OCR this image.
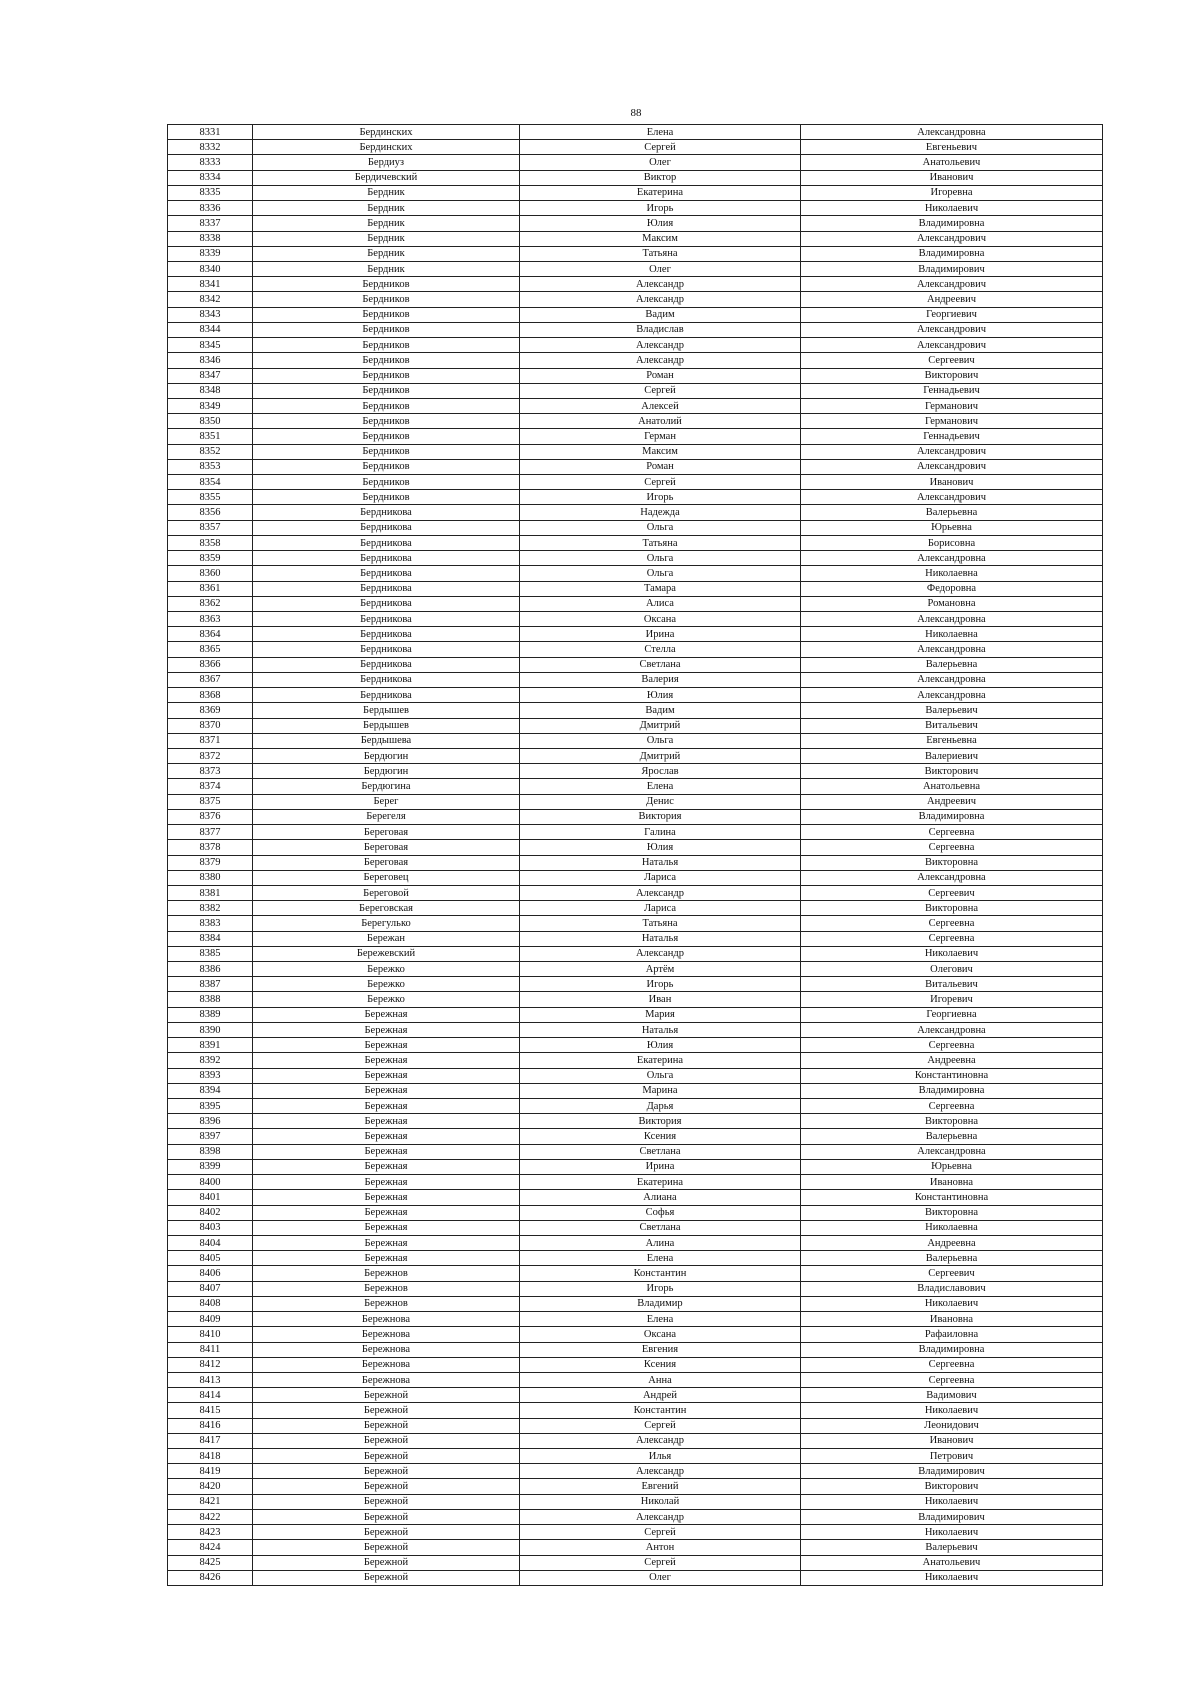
88
8331	Бердинских	Елена	Александровна
8332	Бердинских	Сергей	Евгеньевич
8333	Бердиуз	Олег	Анатольевич
8334	Бердичевский	Виктор	Иванович
8335	Бердник	Екатерина	Игоревна
8336	Бердник	Игорь	Николаевич
8337	Бердник	Юлия	Владимировна
8338	Бердник	Максим	Александрович
8339	Бердник	Татьяна	Владимировна
8340	Бердник	Олег	Владимирович
8341	Бердников	Александр	Александрович
8342	Бердников	Александр	Андреевич
8343	Бердников	Вадим	Георгиевич
8344	Бердников	Владислав	Александрович
8345	Бердников	Александр	Александрович
8346	Бердников	Александр	Сергеевич
8347	Бердников	Роман	Викторович
8348	Бердников	Сергей	Геннадьевич
8349	Бердников	Алексей	Германович
8350	Бердников	Анатолий	Германович
8351	Бердников	Герман	Геннадьевич
8352	Бердников	Максим	Александрович
8353	Бердников	Роман	Александрович
8354	Бердников	Сергей	Иванович
8355	Бердников	Игорь	Александрович
8356	Бердникова	Надежда	Валерьевна
8357	Бердникова	Ольга	Юрьевна
8358	Бердникова	Татьяна	Борисовна
8359	Бердникова	Ольга	Александровна
8360	Бердникова	Ольга	Николаевна
8361	Бердникова	Тамара	Федоровна
8362	Бердникова	Алиса	Романовна
8363	Бердникова	Оксана	Александровна
8364	Бердникова	Ирина	Николаевна
8365	Бердникова	Стелла	Александровна
8366	Бердникова	Светлана	Валерьевна
8367	Бердникова	Валерия	Александровна
8368	Бердникова	Юлия	Александровна
8369	Бердышев	Вадим	Валерьевич
8370	Бердышев	Дмитрий	Витальевич
8371	Бердышева	Ольга	Евгеньевна
8372	Бердюгин	Дмитрий	Валериевич
8373	Бердюгин	Ярослав	Викторович
8374	Бердюгина	Елена	Анатольевна
8375	Берег	Денис	Андреевич
8376	Берегеля	Виктория	Владимировна
8377	Береговая	Галина	Сергеевна
8378	Береговая	Юлия	Сергеевна
8379	Береговая	Наталья	Викторовна
8380	Береговец	Лариса	Александровна
8381	Береговой	Александр	Сергеевич
8382	Береговская	Лариса	Викторовна
8383	Берегулько	Татьяна	Сергеевна
8384	Бережан	Наталья	Сергеевна
8385	Бережевский	Александр	Николаевич
8386	Бережко	Артём	Олегович
8387	Бережко	Игорь	Витальевич
8388	Бережко	Иван	Игоревич
8389	Бережная	Мария	Георгиевна
8390	Бережная	Наталья	Александровна
8391	Бережная	Юлия	Сергеевна
8392	Бережная	Екатерина	Андреевна
8393	Бережная	Ольга	Константиновна
8394	Бережная	Марина	Владимировна
8395	Бережная	Дарья	Сергеевна
8396	Бережная	Виктория	Викторовна
8397	Бережная	Ксения	Валерьевна
8398	Бережная	Светлана	Александровна
8399	Бережная	Ирина	Юрьевна
8400	Бережная	Екатерина	Ивановна
8401	Бережная	Алиана	Константиновна
8402	Бережная	Софья	Викторовна
8403	Бережная	Светлана	Николаевна
8404	Бережная	Алина	Андреевна
8405	Бережная	Елена	Валерьевна
8406	Бережнов	Константин	Сергеевич
8407	Бережнов	Игорь	Владиславович
8408	Бережнов	Владимир	Николаевич
8409	Бережнова	Елена	Ивановна
8410	Бережнова	Оксана	Рафаиловна
8411	Бережнова	Евгения	Владимировна
8412	Бережнова	Ксения	Сергеевна
8413	Бережнова	Анна	Сергеевна
8414	Бережной	Андрей	Вадимович
8415	Бережной	Константин	Николаевич
8416	Бережной	Сергей	Леонидович
8417	Бережной	Александр	Иванович
8418	Бережной	Илья	Петрович
8419	Бережной	Александр	Владимирович
8420	Бережной	Евгений	Викторович
8421	Бережной	Николай	Николаевич
8422	Бережной	Александр	Владимирович
8423	Бережной	Сергей	Николаевич
8424	Бережной	Антон	Валерьевич
8425	Бережной	Сергей	Анатольевич
8426	Бережной	Олег	Николаевич
